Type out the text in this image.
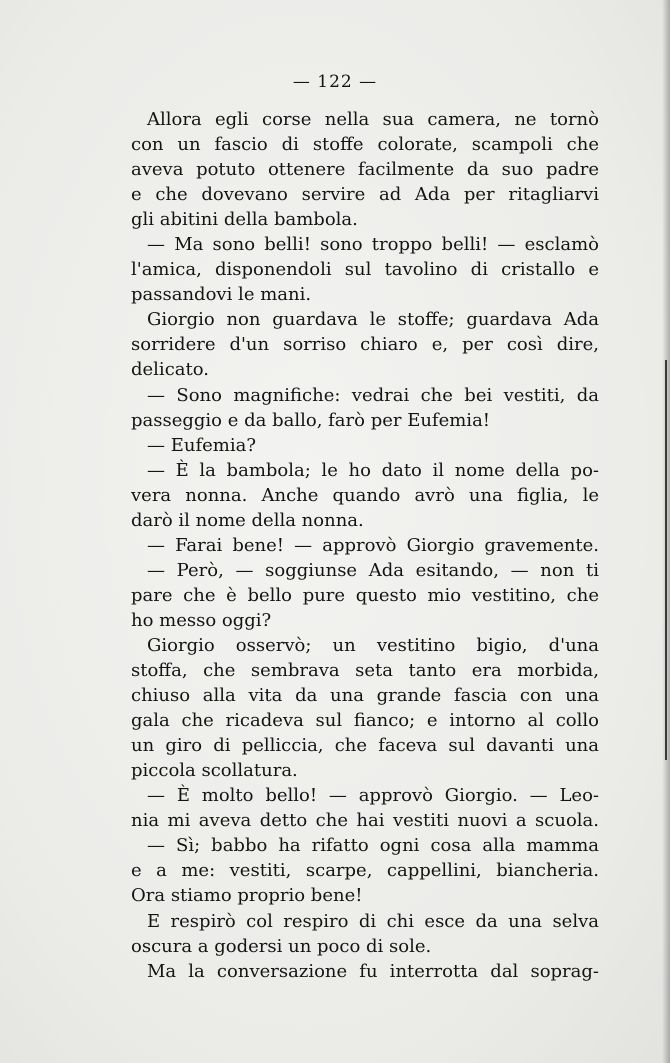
— 122 —
Allora egli corse nella sua camera, ne tornò
con un fascio di stoffe colorate, scampoli che
aveva potuto ottenere facilmente da suo padre
e che dovevano servire ad Ada per ritagliarvi
gli abitini della bambola.
— Ma sono belli! sono troppo belli! — esclamò
l'amica, disponendoli sul tavolino di cristallo e
passandovi le mani.
Giorgio non guardava le stoffe; guardava Ada
sorridere d'un sorriso chiaro e, per così dire,
delicato.
— Sono magnifiche: vedrai che bei vestiti, da
passeggio e da ballo, farò per Eufemia!
— Eufemia?
— È la bambola; le ho dato il nome della po-
vera nonna. Anche quando avrò una figlia, le
darò il nome della nonna.
— Farai bene! — approvò Giorgio gravemente.
— Però, — soggiunse Ada esitando, — non ti
pare che è bello pure questo mio vestitino, che
ho messo oggi?
Giorgio osservò; un vestitino bigio, d'una
stoffa, che sembrava seta tanto era morbida,
chiuso alla vita da una grande fascia con una
gala che ricadeva sul fianco; e intorno al collo
un giro di pelliccia, che faceva sul davanti una
piccola scollatura.
— È molto bello! — approvò Giorgio. — Leo-
nia mi aveva detto che hai vestiti nuovi a scuola.
— Sì; babbo ha rifatto ogni cosa alla mamma
e a me: vestiti, scarpe, cappellini, biancheria.
Ora stiamo proprio bene!
E respirò col respiro di chi esce da una selva
oscura a godersi un poco di sole.
Ma la conversazione fu interrotta dal soprag-
